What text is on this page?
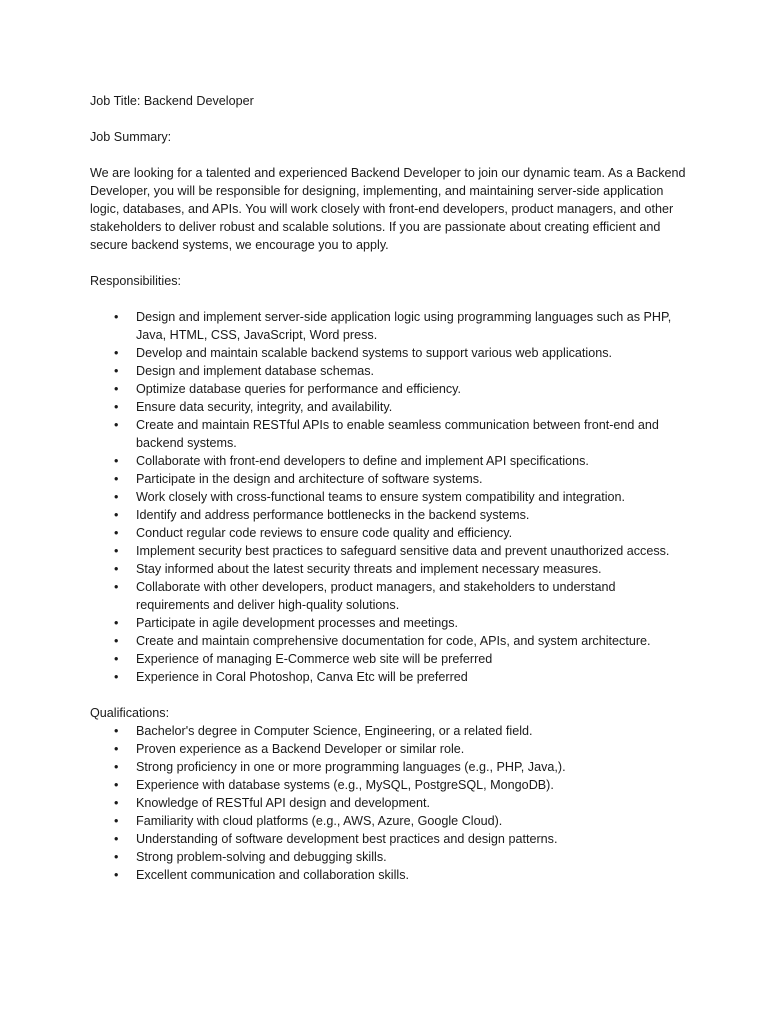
Job Title: Backend Developer

Job Summary:

We are looking for a talented and experienced Backend Developer to join our dynamic team. As a Backend Developer, you will be responsible for designing, implementing, and maintaining server-side application logic, databases, and APIs. You will work closely with front-end developers, product managers, and other stakeholders to deliver robust and scalable solutions. If you are passionate about creating efficient and secure backend systems, we encourage you to apply.

Responsibilities:

•	Design and implement server-side application logic using programming languages such as PHP, Java, HTML, CSS, JavaScript, Word press.
•	Develop and maintain scalable backend systems to support various web applications.
•	Design and implement database schemas.
•	Optimize database queries for performance and efficiency.
•	Ensure data security, integrity, and availability.
•	Create and maintain RESTful APIs to enable seamless communication between front-end and backend systems.
•	Collaborate with front-end developers to define and implement API specifications.
•	Participate in the design and architecture of software systems.
•	Work closely with cross-functional teams to ensure system compatibility and integration.
•	Identify and address performance bottlenecks in the backend systems.
•	Conduct regular code reviews to ensure code quality and efficiency.
•	Implement security best practices to safeguard sensitive data and prevent unauthorized access.
•	Stay informed about the latest security threats and implement necessary measures.
•	Collaborate with other developers, product managers, and stakeholders to understand requirements and deliver high-quality solutions.
•	Participate in agile development processes and meetings.
•	Create and maintain comprehensive documentation for code, APIs, and system architecture.
•	Experience of managing E-Commerce web site will be preferred
•	Experience in Coral Photoshop, Canva Etc will be preferred

Qualifications:

•	Bachelor's degree in Computer Science, Engineering, or a related field.
•	Proven experience as a Backend Developer or similar role.
•	Strong proficiency in one or more programming languages (e.g., PHP, Java,).
•	Experience with database systems (e.g., MySQL, PostgreSQL, MongoDB).
•	Knowledge of RESTful API design and development.
•	Familiarity with cloud platforms (e.g., AWS, Azure, Google Cloud).
•	Understanding of software development best practices and design patterns.
•	Strong problem-solving and debugging skills.
•	Excellent communication and collaboration skills.
